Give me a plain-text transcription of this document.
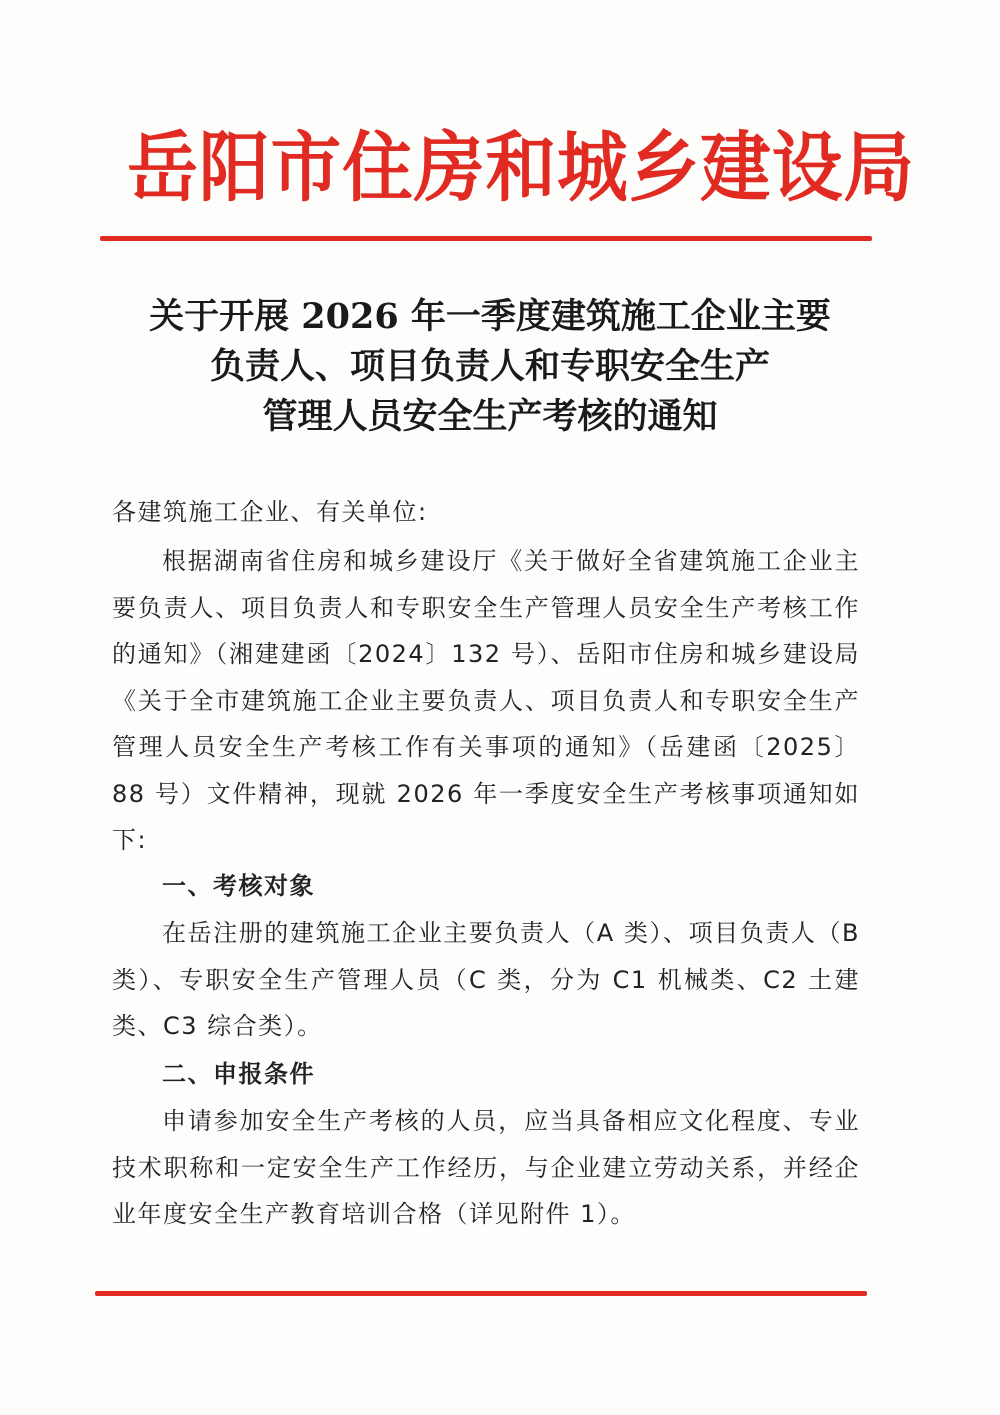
岳阳市住房和城乡建设局
关于开展 2026 年一季度建筑施工企业主要
负责人、项目负责人和专职安全生产
管理人员安全生产考核的通知
各建筑施工企业、有关单位:
根据湖南省住房和城乡建设厅《关于做好全省建筑施工企业主要负责人、项目负责人和专职安全生产管理人员安全生产考核工作的通知》（湘建建函〔2024〕132 号）、岳阳市住房和城乡建设局《关于全市建筑施工企业主要负责人、项目负责人和专职安全生产管理人员安全生产考核工作有关事项的通知》（岳建函〔2025〕88 号）文件精神，现就 2026 年一季度安全生产考核事项通知如下:
一、考核对象
在岳注册的建筑施工企业主要负责人（A 类）、项目负责人（B 类）、专职安全生产管理人员（C 类，分为 C1 机械类、C2 土建类、C3 综合类）。
二、申报条件
申请参加安全生产考核的人员，应当具备相应文化程度、专业技术职称和一定安全生产工作经历，与企业建立劳动关系，并经企业年度安全生产教育培训合格（详见附件 1）。
